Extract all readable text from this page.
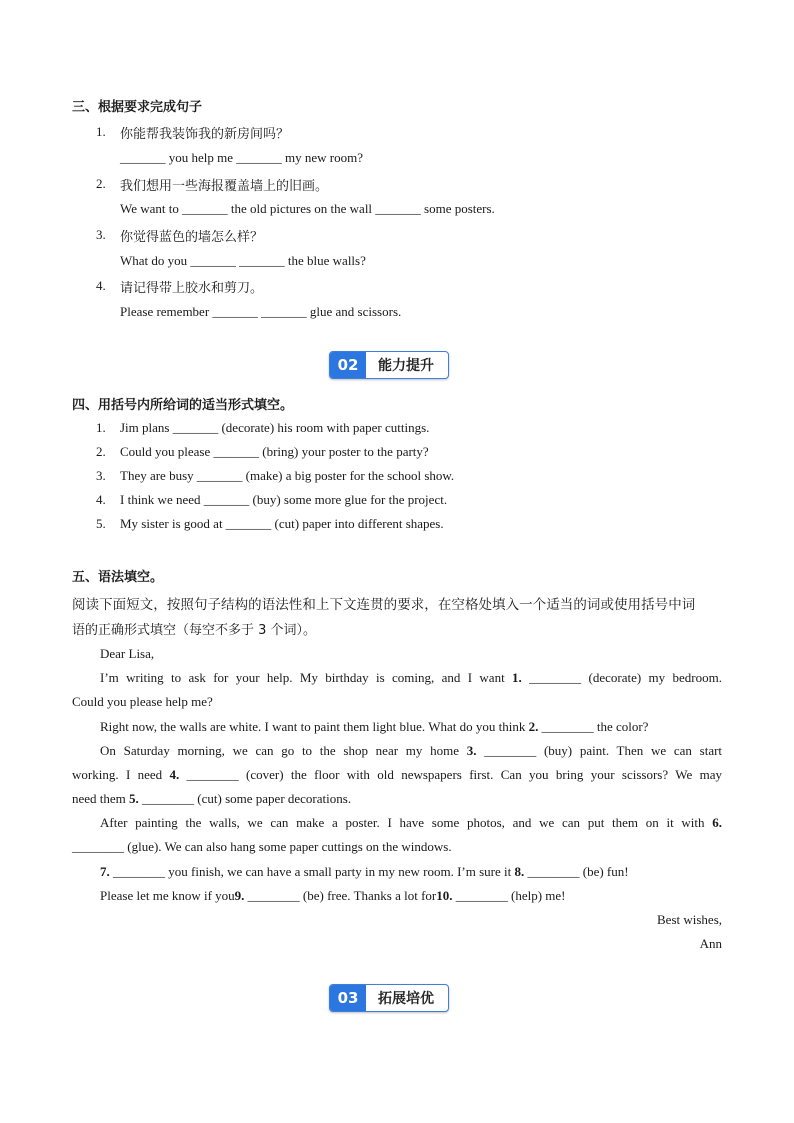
三、根据要求完成句子
1. 你能帮我装饰我的新房间吗？
_______ you help me _______ my new room?
2. 我们想用一些海报覆盖墙上的旧画。
We want to _______ the old pictures on the wall _______ some posters.
3. 你觉得蓝色的墙怎么样？
What do you _______ _______ the blue walls?
4. 请记得带上胶水和剪刀。
Please remember _______ _______ glue and scissors.
02	能力提升
四、用括号内所给词的适当形式填空。
1. Jim plans _______ (decorate) his room with paper cuttings.
2. Could you please _______ (bring) your poster to the party?
3. They are busy _______ (make) a big poster for the school show.
4. I think we need _______ (buy) some more glue for the project.
5. My sister is good at _______ (cut) paper into different shapes.
五、语法填空。
阅读下面短文，按照句子结构的语法性和上下文连贯的要求，在空格处填入一个适当的词或使用括号中词
语的正确形式填空（每空不多于 3 个词）。
Dear Lisa,
I’m writing to ask for your help. My birthday is coming, and I want 1. ________ (decorate) my bedroom.
Could you please help me?
Right now, the walls are white. I want to paint them light blue. What do you think 2. ________ the color?
On Saturday morning, we can go to the shop near my home 3. ________ (buy) paint. Then we can start
working. I need 4. ________ (cover) the floor with old newspapers first. Can you bring your scissors? We may
need them 5. ________ (cut) some paper decorations.
After painting the walls, we can make a poster. I have some photos, and we can put them on it with 6.
________ (glue). We can also hang some paper cuttings on the windows.
7. ________ you finish, we can have a small party in my new room. I’m sure it 8. ________ (be) fun!
Please let me know if you9. ________ (be) free. Thanks a lot for10. ________ (help) me!
Best wishes,
Ann
03	拓展培优
